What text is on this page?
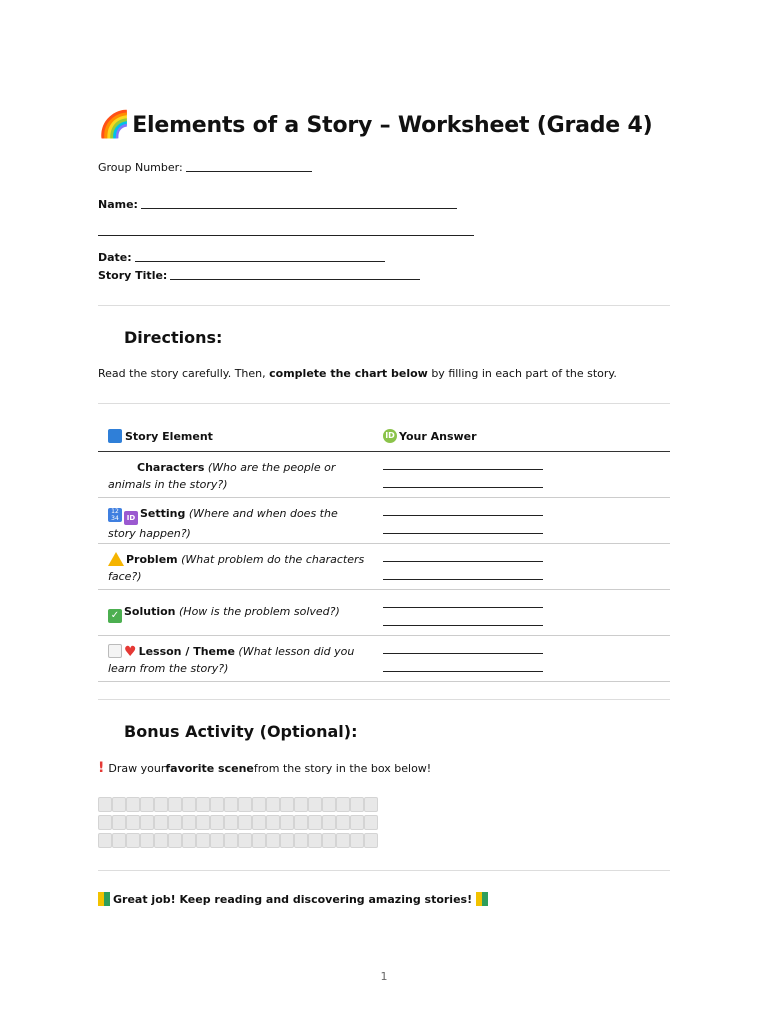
🌈 Elements of a Story – Worksheet (Grade 4)
Group Number:
Name:
Date:
Story Title:
Directions:
Read the story carefully. Then, complete the chart below by filling in each part of the story.
Story Element	ID Your Answer
Characters (Who are the people or animals in the story?)
12
34 ID Setting (Where and when does the story happen?)
Problem (What problem do the characters face?)
✓ Solution (How is the problem solved?)
♥ Lesson / Theme (What lesson did you learn from the story?)
Bonus Activity (Optional):
! Draw your favorite scene from the story in the box below!
Great job! Keep reading and discovering amazing stories!
1
